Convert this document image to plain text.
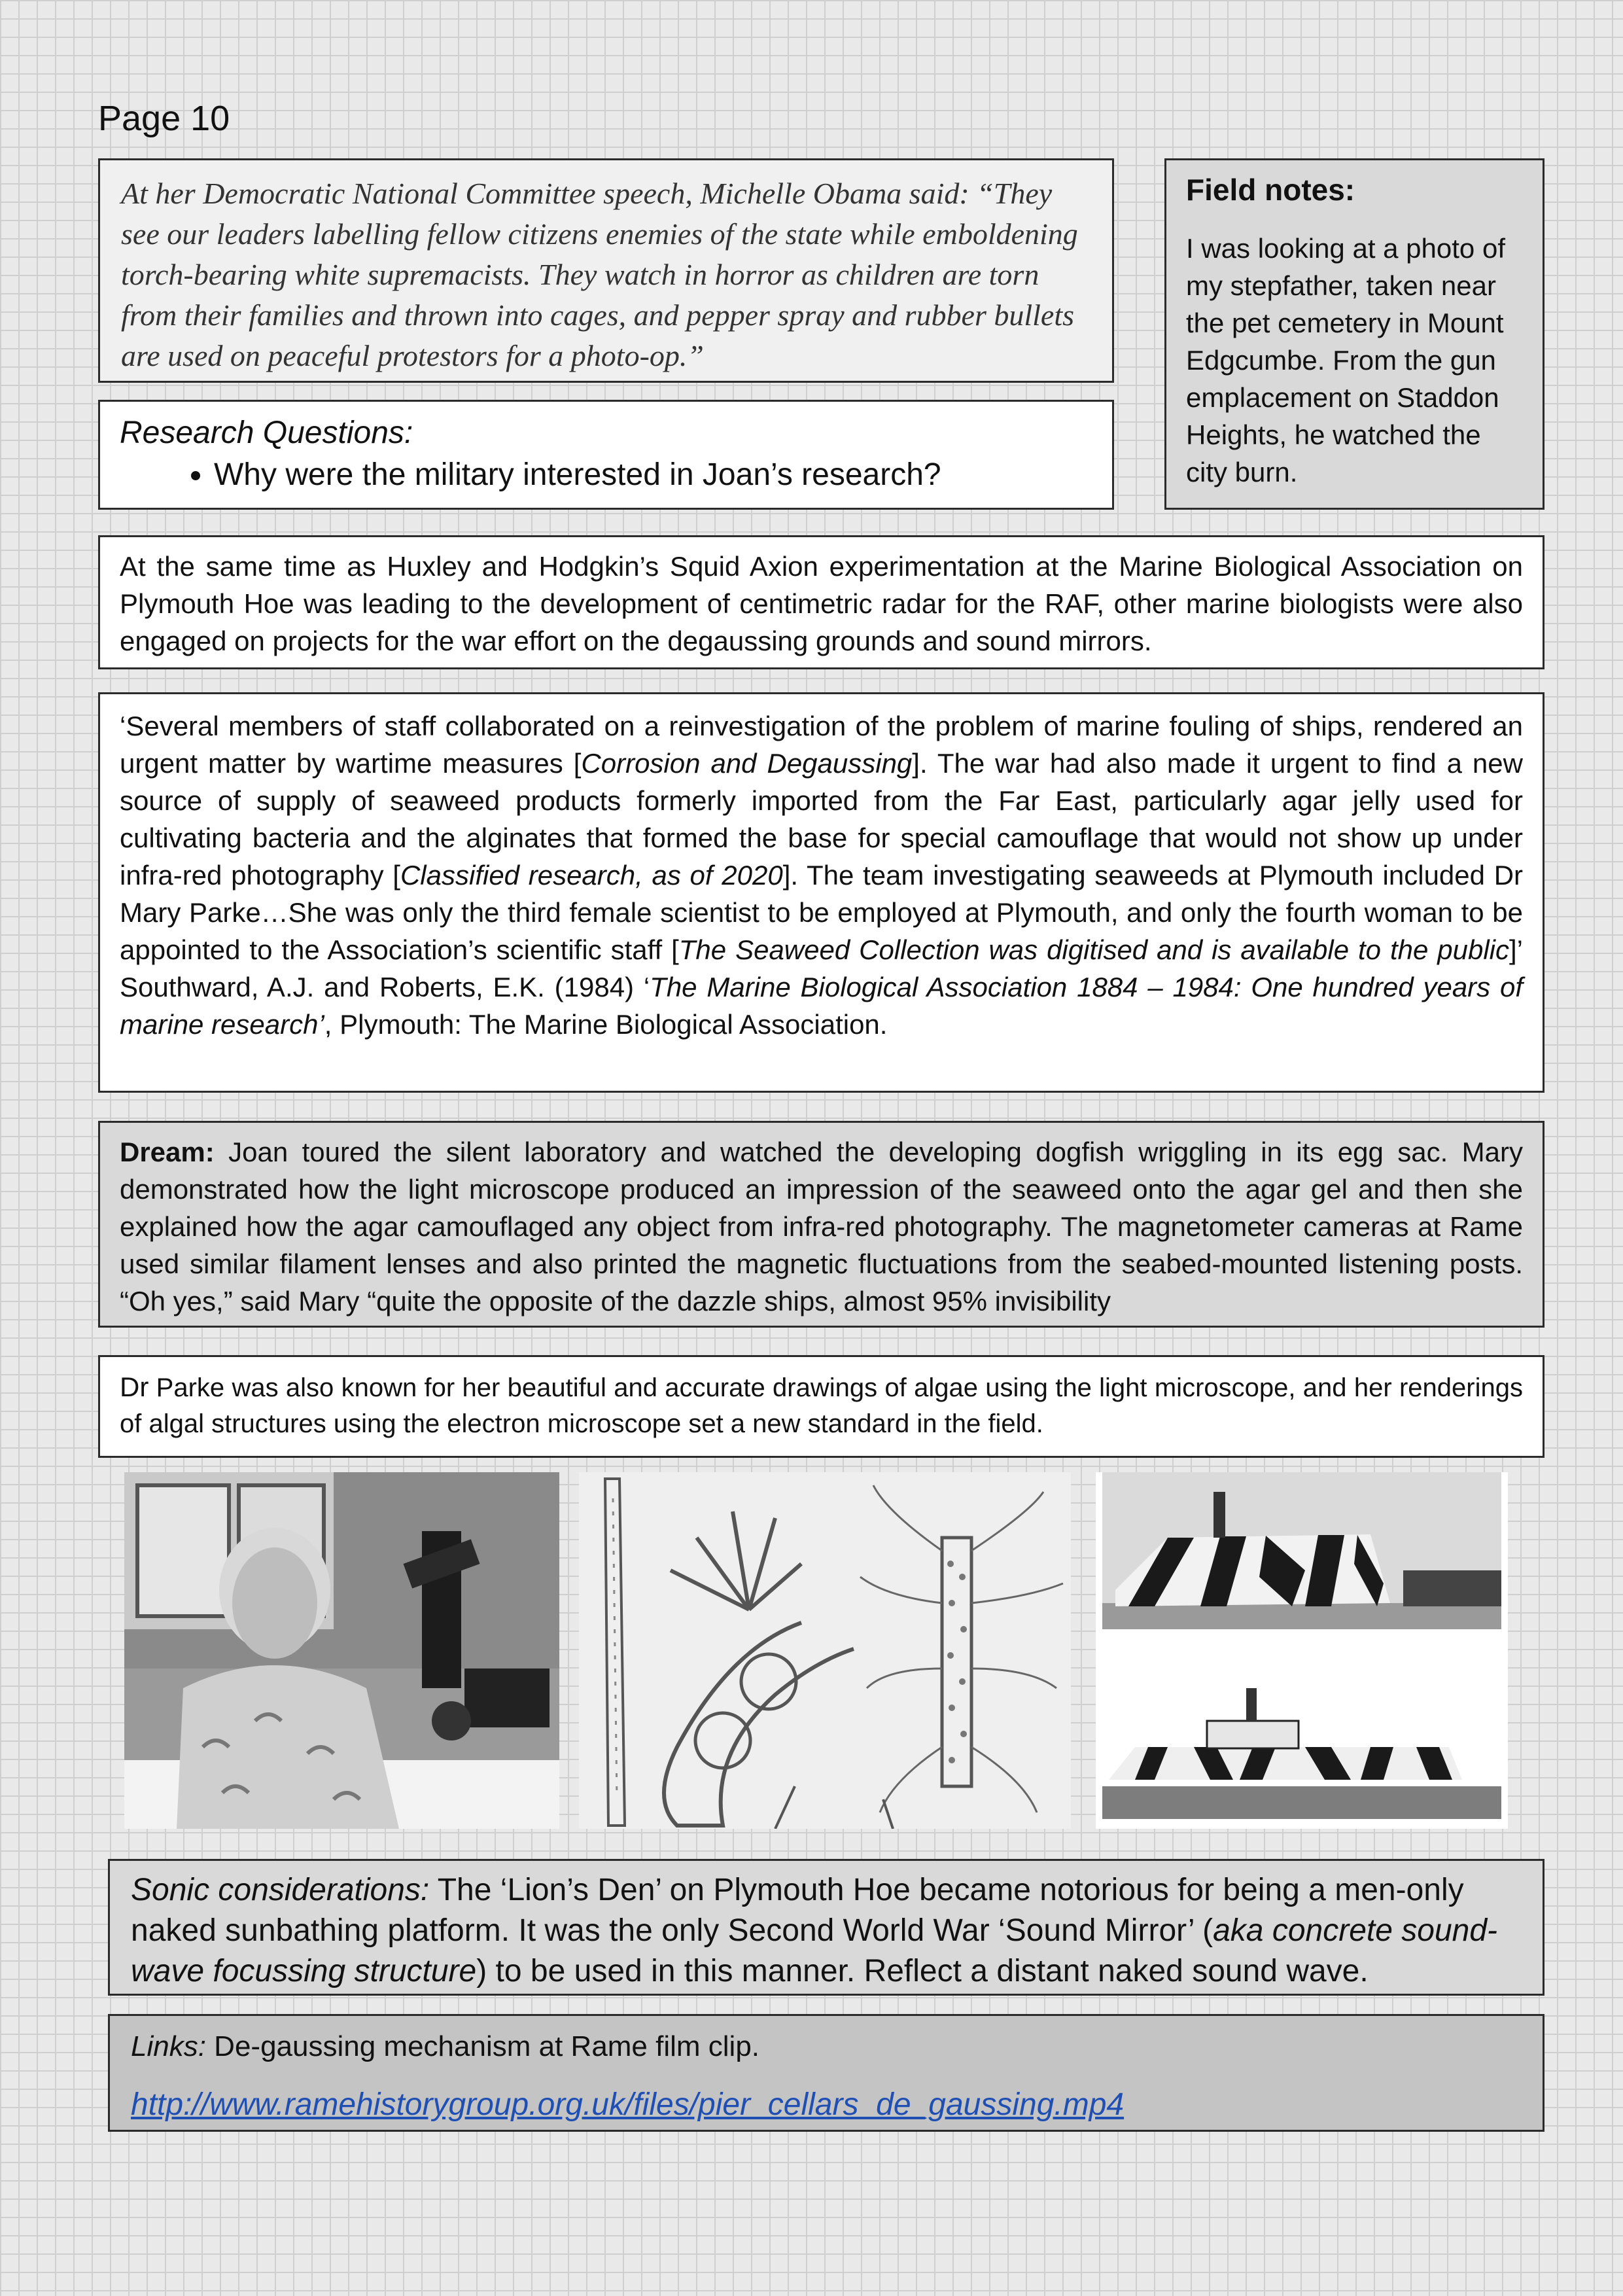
Page 10

At her Democratic National Committee speech, Michelle Obama said: “They see our leaders labelling fellow citizens enemies of the state while emboldening torch-bearing white supremacists. They watch in horror as children are torn from their families and thrown into cages, and pepper spray and rubber bullets are used on peaceful protestors for a photo-op.”

Field notes:

I was looking at a photo of my stepfather, taken near the pet cemetery in Mount Edgcumbe. From the gun emplacement on Staddon Heights, he watched the city burn.

Research Questions:

• Why were the military interested in Joan’s research?

At the same time as Huxley and Hodgkin’s Squid Axion experimentation at the Marine Biological Association on Plymouth Hoe was leading to the development of centimetric radar for the RAF, other marine biologists were also engaged on projects for the war effort on the degaussing grounds and sound mirrors.

‘Several members of staff collaborated on a reinvestigation of the problem of marine fouling of ships, rendered an urgent matter by wartime measures [Corrosion and Degaussing]. The war had also made it urgent to find a new source of supply of seaweed products formerly imported from the Far East, particularly agar jelly used for cultivating bacteria and the alginates that formed the base for special camouflage that would not show up under infra-red photography [Classified research, as of 2020]. The team investigating seaweeds at Plymouth included Dr Mary Parke…She was only the third female scientist to be employed at Plymouth, and only the fourth woman to be appointed to the Association’s scientific staff [The Seaweed Collection was digitised and is available to the public]’ Southward, A.J. and Roberts, E.K. (1984) ‘The Marine Biological Association 1884 – 1984: One hundred years of marine research’, Plymouth: The Marine Biological Association.

Dream: Joan toured the silent laboratory and watched the developing dogfish wriggling in its egg sac. Mary demonstrated how the light microscope produced an impression of the seaweed onto the agar gel and then she explained how the agar camouflaged any object from infra-red photography. The magnetometer cameras at Rame used similar filament lenses and also printed the magnetic fluctuations from the seabed-mounted listening posts. “Oh yes,” said Mary “quite the opposite of the dazzle ships, almost 95% invisibility

Dr Parke was also known for her beautiful and accurate drawings of algae using the light microscope, and her renderings of algal structures using the electron microscope set a new standard in the field.

Sonic considerations: The ‘Lion’s Den’ on Plymouth Hoe became notorious for being a men-only naked sunbathing platform. It was the only Second World War ‘Sound Mirror’ (aka concrete sound-wave focussing structure) to be used in this manner. Reflect a distant naked sound wave.

Links: De-gaussing mechanism at Rame film clip.

http://www.ramehistorygroup.org.uk/files/pier_cellars_de_gaussing.mp4
